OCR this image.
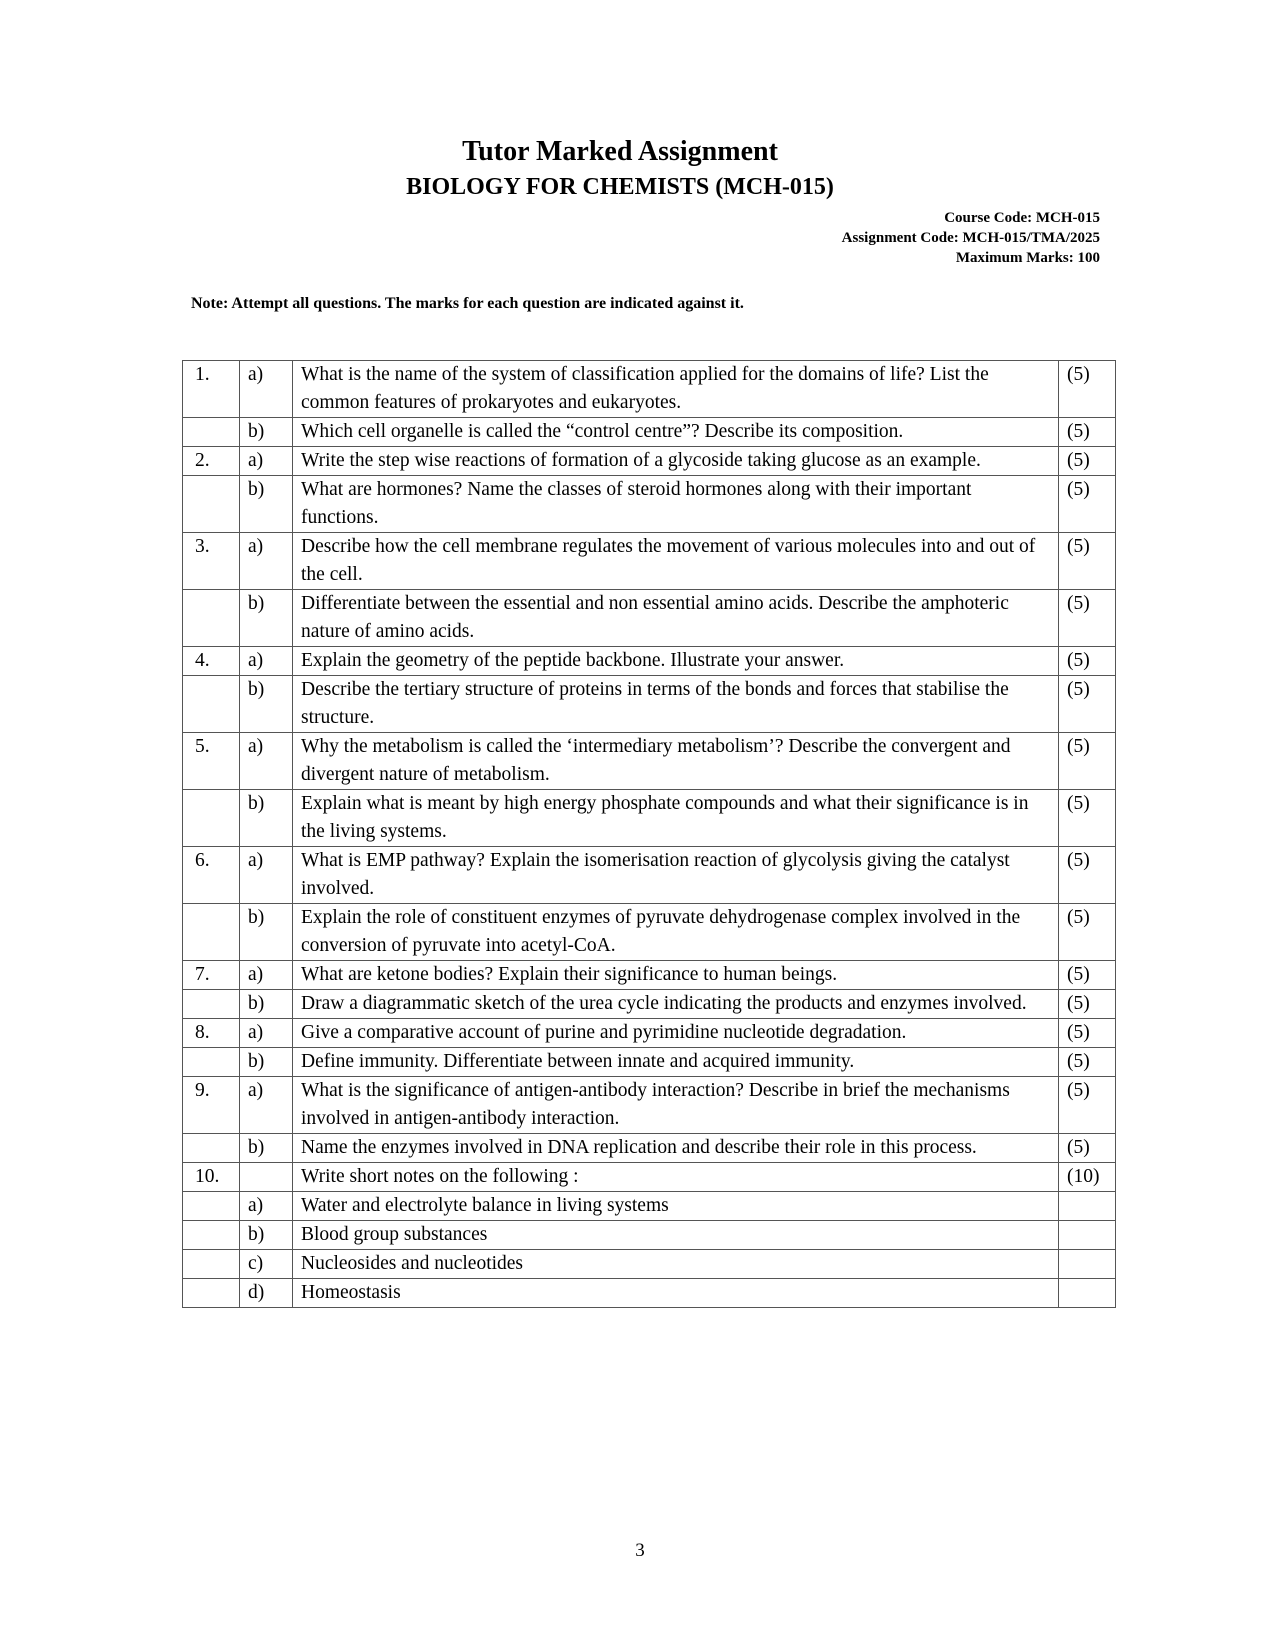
Tutor Marked Assignment
BIOLOGY FOR CHEMISTS (MCH-015)
Course Code: MCH-015
Assignment Code: MCH-015/TMA/2025
Maximum Marks: 100
Note: Attempt all questions. The marks for each question are indicated against it.
1.	a)	What is the name of the system of classification applied for the domains of life? List the common features of prokaryotes and eukaryotes.	(5)
	b)	Which cell organelle is called the “control centre”? Describe its composition.	(5)
2.	a)	Write the step wise reactions of formation of a glycoside taking glucose as an example.	(5)
	b)	What are hormones? Name the classes of steroid hormones along with their important functions.	(5)
3.	a)	Describe how the cell membrane regulates the movement of various molecules into and out of the cell.	(5)
	b)	Differentiate between the essential and non essential amino acids. Describe the amphoteric nature of amino acids.	(5)
4.	a)	Explain the geometry of the peptide backbone. Illustrate your answer.	(5)
	b)	Describe the tertiary structure of proteins in terms of the bonds and forces that stabilise the structure.	(5)
5.	a)	Why the metabolism is called the ‘intermediary metabolism’? Describe the convergent and divergent nature of metabolism.	(5)
	b)	Explain what is meant by high energy phosphate compounds and what their significance is in the living systems.	(5)
6.	a)	What is EMP pathway? Explain the isomerisation reaction of glycolysis giving the catalyst involved.	(5)
	b)	Explain the role of constituent enzymes of pyruvate dehydrogenase complex involved in the conversion of pyruvate into acetyl-CoA.	(5)
7.	a)	What are ketone bodies? Explain their significance to human beings.	(5)
	b)	Draw a diagrammatic sketch of the urea cycle indicating the products and enzymes involved.	(5)
8.	a)	Give a comparative account of purine and pyrimidine nucleotide degradation.	(5)
	b)	Define immunity. Differentiate between innate and acquired immunity.	(5)
9.	a)	What is the significance of antigen-antibody interaction? Describe in brief the mechanisms involved in antigen-antibody interaction.	(5)
	b)	Name the enzymes involved in DNA replication and describe their role in this process.	(5)
10.		Write short notes on the following :	(10)
	a)	Water and electrolyte balance in living systems	
	b)	Blood group substances	
	c)	Nucleosides and nucleotides	
	d)	Homeostasis	
3
